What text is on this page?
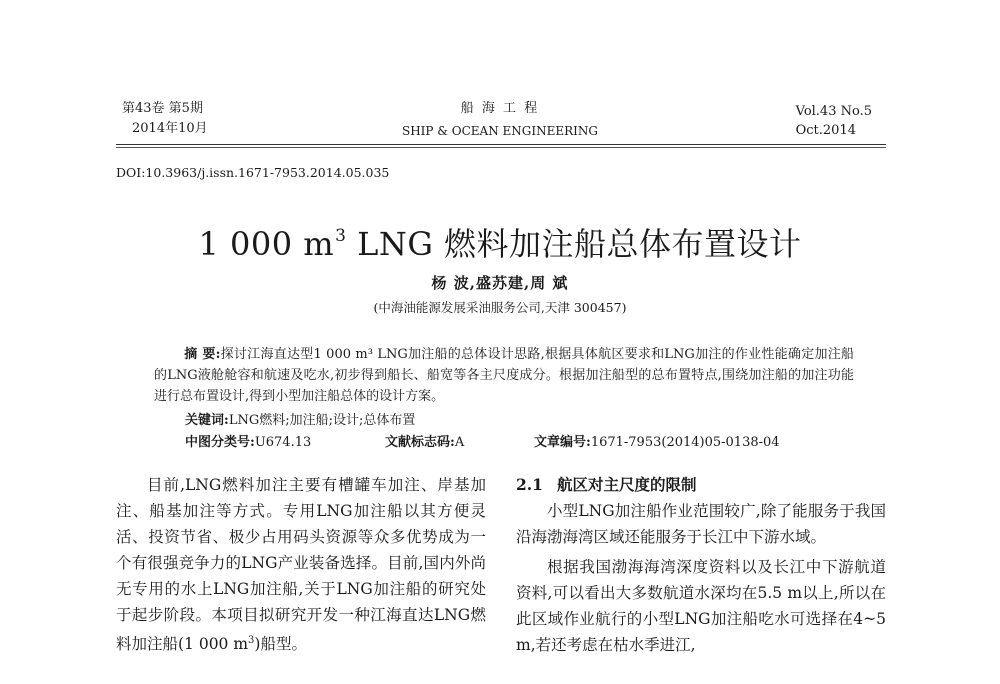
第43卷 第5期
2014年10月
船 海 工 程
SHIP & OCEAN ENGINEERING
Vol.43 No.5
Oct.2014
DOI:10.3963/j.issn.1671-7953.2014.05.035
1 000 $m^3$ LNG 燃料加注船总体布置设计
杨 波,盛苏建,周 斌
(中海油能源发展采油服务公司,天津 300457)
摘 要:探讨江海直达型1 000 m³ LNG加注船的总体设计思路,根据具体航区要求和LNG加注的作业性能确定加注船的LNG液舱舱容和航速及吃水,初步得到船长、船宽等各主尺度成分。根据加注船型的总布置特点,围绕加注船的加注功能进行总布置设计,得到小型加注船总体的设计方案。
关键词:LNG燃料;加注船;设计;总体布置
中图分类号:U674.13	文献标志码:A	文章编号:1671-7953(2014)05-0138-04

目前,LNG燃料加注主要有槽罐车加注、岸基加注、船基加注等方式。专用LNG加注船以其方便灵活、投资节省、极少占用码头资源等众多优势成为一个有很强竞争力的LNG产业装备选择。目前,国内外尚无专用的水上LNG加注船,关于LNG加注船的研究处于起步阶段。本项目拟研究开发一种江海直达LNG燃料加注船(1 000 $m^3$)船型。

2.1 航区对主尺度的限制

小型LNG加注船作业范围较广,除了能服务于我国沿海渤海湾区域还能服务于长江中下游水域。

根据我国渤海海湾深度资料以及长江中下游航道资料,可以看出大多数航道水深均在5.5 m以上,所以在此区域作业航行的小型LNG加注船吃水可选择在4~5 m,若还考虑在枯水季进江,
